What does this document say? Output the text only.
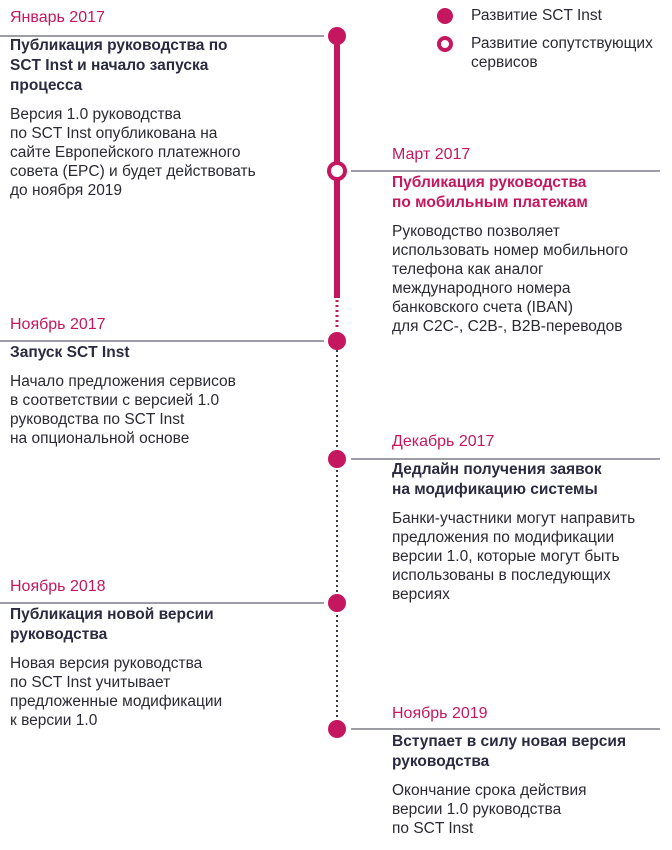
Развитие SCT Inst
Развитие сопутствующих
сервисов
Январь 2017
Публикация руководства по
SCT Inst и начало запуска
процесса
Версия 1.0 руководства
по SCT Inst опубликована на
сайте Европейского платежного
совета (EPC) и будет действовать
до ноября 2019
Март 2017
Публикация руководства
по мобильным платежам
Руководство позволяет
использовать номер мобильного
телефона как аналог
международного номера
банковского счета (IBAN)
для C2C-, C2B-, B2B-переводов
Ноябрь 2017
Запуск SCT Inst
Начало предложения сервисов
в соответствии с версией 1.0
руководства по SCT Inst
на опциональной основе	Декабрь 2017
Дедлайн получения заявок
на модификацию системы
Банки-участники могут направить
предложения по модификации
версии 1.0, которые могут быть
использованы в последующих
версиях
Ноябрь 2018
Публикация новой версии
руководства
Новая версия руководства
по SCT Inst учитывает
предложенные модификации
к версии 1.0	Ноябрь 2019
Вступает в силу новая версия
руководства
Окончание срока действия
версии 1.0 руководства
по SCT Inst
